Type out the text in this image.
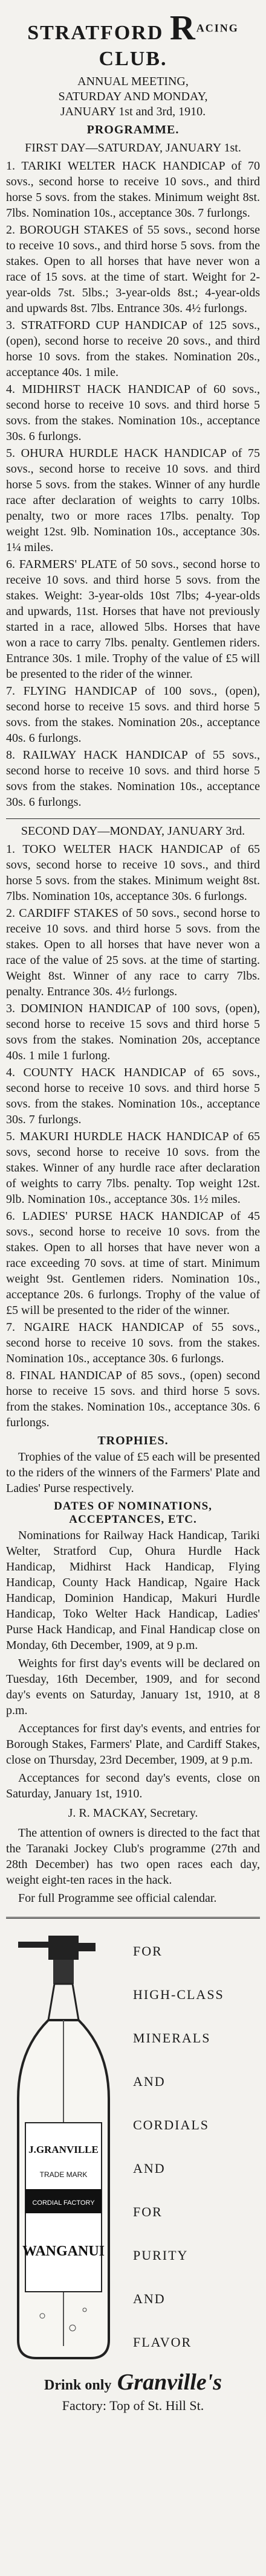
STRATFORD $R^{ACING}$ CLUB.
ANNUAL MEETING,
SATURDAY AND MONDAY,
JANUARY 1st and 3rd, 1910.
PROGRAMME.
FIRST DAY—SATURDAY, JANUARY 1st.

1. TARIKI WELTER HACK HANDICAP of 70 sovs., second horse to receive 10 sovs., and third horse 5 sovs. from the stakes. Minimum weight 8st. 7lbs. Nomination 10s., acceptance 30s. 7 furlongs.

2. BOROUGH STAKES of 55 sovs., second horse to receive 10 sovs., and third horse 5 sovs. from the stakes. Open to all horses that have never won a race of 15 sovs. at the time of start. Weight for 2-year-olds 7st. 5lbs.; 3-year-olds 8st.; 4-year-olds and upwards 8st. 7lbs. Entrance 30s. 4½ furlongs.

3. STRATFORD CUP HANDICAP of 125 sovs., (open), second horse to receive 20 sovs., and third horse 10 sovs. from the stakes. Nomination 20s., acceptance 40s. 1 mile.

4. MIDHIRST HACK HANDICAP of 60 sovs., second horse to receive 10 sovs. and third horse 5 sovs. from the stakes. Nomination 10s., acceptance 30s. 6 furlongs.

5. OHURA HURDLE HACK HANDICAP of 75 sovs., second horse to receive 10 sovs. and third horse 5 sovs. from the stakes. Winner of any hurdle race after declaration of weights to carry 10lbs. penalty, two or more races 17lbs. penalty. Top weight 12st. 9lb. Nomination 10s., acceptance 30s. 1¼ miles.

6. FARMERS' PLATE of 50 sovs., second horse to receive 10 sovs. and third horse 5 sovs. from the stakes. Weight: 3-year-olds 10st 7lbs; 4-year-olds and upwards, 11st. Horses that have not previously started in a race, allowed 5lbs. Horses that have won a race to carry 7lbs. penalty. Gentlemen riders. Entrance 30s. 1 mile. Trophy of the value of £5 will be presented to the rider of the winner.

7. FLYING HANDICAP of 100 sovs., (open), second horse to receive 15 sovs. and third horse 5 sovs. from the stakes. Nomination 20s., acceptance 40s. 6 furlongs.

8. RAILWAY HACK HANDICAP of 55 sovs., second horse to receive 10 sovs. and third horse 5 sovs from the stakes. Nomination 10s., acceptance 30s. 6 furlongs.

SECOND DAY—MONDAY, JANUARY 3rd.

1. TOKO WELTER HACK HANDICAP of 65 sovs, second horse to receive 10 sovs., and third horse 5 sovs. from the stakes. Minimum weight 8st. 7lbs. Nomination 10s, acceptance 30s. 6 furlongs.

2. CARDIFF STAKES of 50 sovs., second horse to receive 10 sovs. and third horse 5 sovs. from the stakes. Open to all horses that have never won a race of the value of 25 sovs. at the time of starting. Weight 8st. Winner of any race to carry 7lbs. penalty. Entrance 30s. 4½ furlongs.

3. DOMINION HANDICAP of 100 sovs, (open), second horse to receive 15 sovs and third horse 5 sovs from the stakes. Nomination 20s, acceptance 40s. 1 mile 1 furlong.

4. COUNTY HACK HANDICAP of 65 sovs., second horse to receive 10 sovs. and third horse 5 sovs. from the stakes. Nomination 10s., acceptance 30s. 7 furlongs.

5. MAKURI HURDLE HACK HANDICAP of 65 sovs, second horse to receive 10 sovs. from the stakes. Winner of any hurdle race after declaration of weights to carry 7lbs. penalty. Top weight 12st. 9lb. Nomination 10s., acceptance 30s. 1½ miles.

6. LADIES' PURSE HACK HANDICAP of 45 sovs., second horse to receive 10 sovs. from the stakes. Open to all horses that have never won a race exceeding 70 sovs. at time of start. Minimum weight 9st. Gentlemen riders. Nomination 10s., acceptance 20s. 6 furlongs. Trophy of the value of £5 will be presented to the rider of the winner.

7. NGAIRE HACK HANDICAP of 55 sovs., second horse to receive 10 sovs. from the stakes. Nomination 10s., acceptance 30s. 6 furlongs.

8. FINAL HANDICAP of 85 sovs., (open) second horse to receive 15 sovs. and third horse 5 sovs. from the stakes. Nomination 10s., acceptance 30s. 6 furlongs.

TROPHIES.

Trophies of the value of £5 each will be presented to the riders of the winners of the Farmers' Plate and Ladies' Purse respectively.

DATES OF NOMINATIONS, ACCEPTANCES, ETC.

Nominations for Railway Hack Handicap, Tariki Welter, Stratford Cup, Ohura Hurdle Hack Handicap, Midhirst Hack Handicap, Flying Handicap, County Hack Handicap, Ngaire Hack Handicap, Dominion Handicap, Makuri Hurdle Handicap, Toko Welter Hack Handicap, Ladies' Purse Hack Handicap, and Final Handicap close on Monday, 6th December, 1909, at 9 p.m.

Weights for first day's events will be declared on Tuesday, 16th December, 1909, and for second day's events on Saturday, January 1st, 1910, at 8 p.m.

Acceptances for first day's events, and entries for Borough Stakes, Farmers' Plate, and Cardiff Stakes, close on Thursday, 23rd December, 1909, at 9 p.m.

Acceptances for second day's events, close on Saturday, January 1st, 1910.

J. R. MACKAY, Secretary.

The attention of owners is directed to the fact that the Taranaki Jockey Club's programme (27th and 28th December) has two open races each day, weight eight-ten races in the hack.

For full Programme see official calendar.

J.GRANVILLE
TRADE MARK
CORDIAL FACTORY
WANGANUI
FOR
HIGH-CLASS
MINERALS
AND
CORDIALS
AND
FOR
PURITY
AND
FLAVOR
Drink only Granville's
Factory: Top of St. Hill St.
